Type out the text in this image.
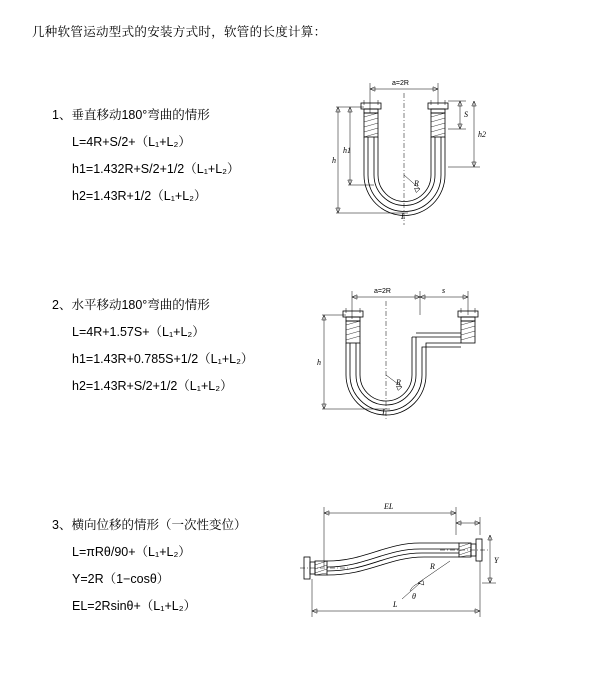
几种软管运动型式的安装方式时，软管的长度计算：
1、垂直移动180°弯曲的情形
L=4R+S/2+（L₁+L₂）
h1=1.432R+S/2+1/2（L₁+L₂）
h2=1.43R+1/2（L₁+L₂）
a=2R
R
L
h
h1
S
h2
2、水平移动180°弯曲的情形
L=4R+1.57S+（L₁+L₂）
h1=1.43R+0.785S+1/2（L₁+L₂）
h2=1.43R+S/2+1/2（L₁+L₂）
a=2R	s
R
L
h
3、横向位移的情形（一次性变位）
L=πRθ/90+（L₁+L₂）
Y=2R（1−cosθ）
EL=2Rsinθ+（L₁+L₂）
EL
Y
R
θ
L
